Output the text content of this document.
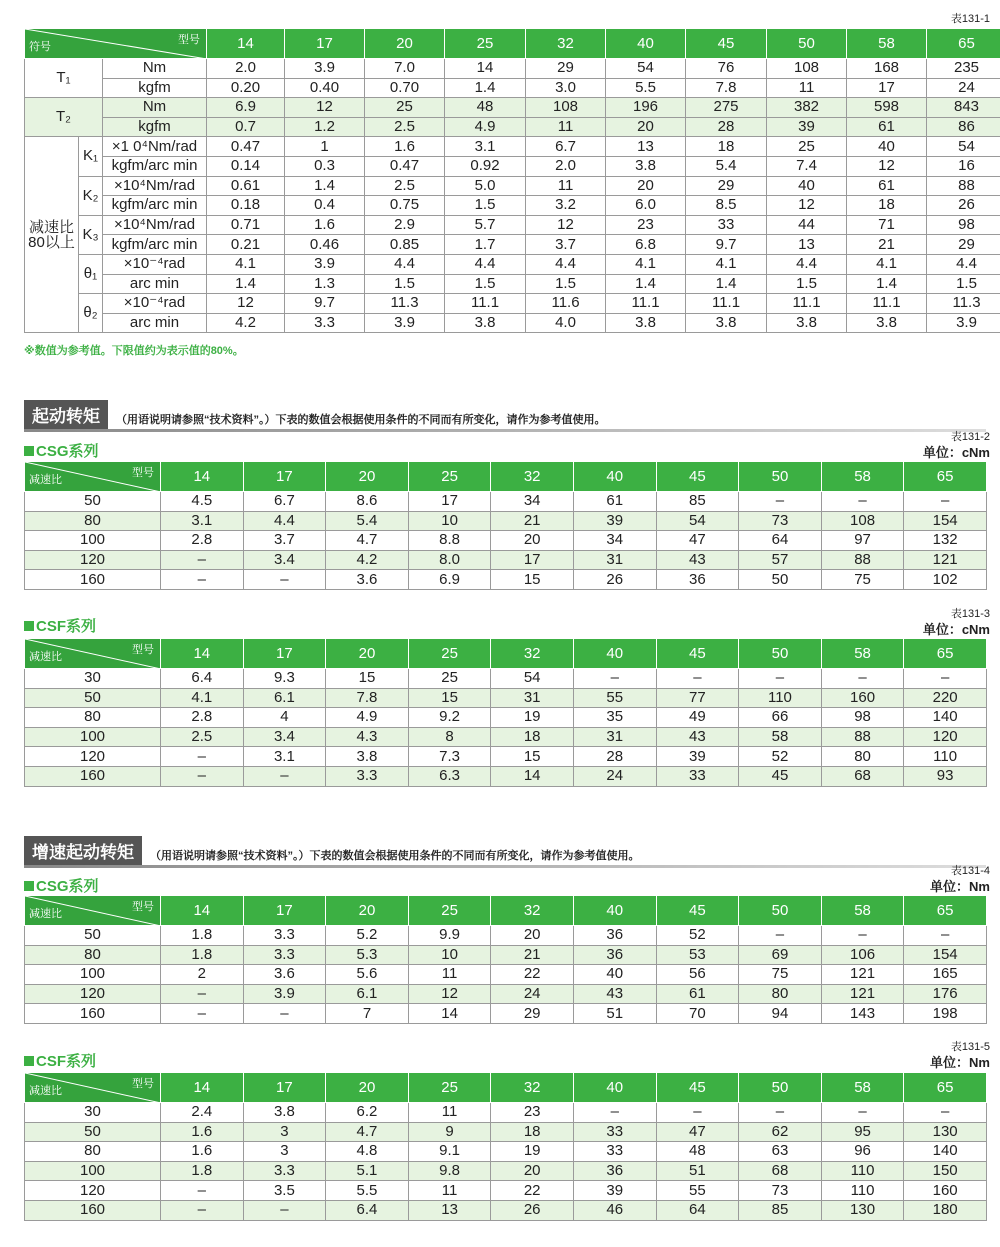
表131-1
型号
符号			14	17	20	25	32	40	45	50	58	65
T₁		Nm	2.0	3.9	7.0	14	29	54	76	108	168	235
		kgfm	0.20	0.40	0.70	1.4	3.0	5.5	7.8	11	17	24
T₂		Nm	6.9	12	25	48	108	196	275	382	598	843
		kgfm	0.7	1.2	2.5	4.9	11	20	28	39	61	86
减速比
80以上	K₁	×1 0⁴Nm/rad	0.47	1	1.6	3.1	6.7	13	18	25	40	54
		kgfm/arc min	0.14	0.3	0.47	0.92	2.0	3.8	5.4	7.4	12	16
	K₂	×10⁴Nm/rad	0.61	1.4	2.5	5.0	11	20	29	40	61	88
		kgfm/arc min	0.18	0.4	0.75	1.5	3.2	6.0	8.5	12	18	26
	K₃	×10⁴Nm/rad	0.71	1.6	2.9	5.7	12	23	33	44	71	98
		kgfm/arc min	0.21	0.46	0.85	1.7	3.7	6.8	9.7	13	21	29
	θ₁	×10⁻⁴rad	4.1	3.9	4.4	4.4	4.4	4.1	4.1	4.4	4.1	4.4
		arc min	1.4	1.3	1.5	1.5	1.5	1.4	1.4	1.5	1.4	1.5
	θ₂	×10⁻⁴rad	12	9.7	11.3	11.1	11.6	11.1	11.1	11.1	11.1	11.3
		arc min	4.2	3.3	3.9	3.8	4.0	3.8	3.8	3.8	3.8	3.9
※数值为参考值。下限值约为表示值的80%。
起动转矩	（用语说明请参照“技术资料”。）下表的数值会根据使用条件的不同而有所变化，请作为参考值使用。
CSG系列
表131-2
单位：cNm
型号
减速比	14	17	20	25	32	40	45	50	58	65
50	4.5	6.7	8.6	17	34	61	85	–	–	–
80	3.1	4.4	5.4	10	21	39	54	73	108	154
100	2.8	3.7	4.7	8.8	20	34	47	64	97	132
120	–	3.4	4.2	8.0	17	31	43	57	88	121
160	–	–	3.6	6.9	15	26	36	50	75	102
CSF系列
表131-3
单位：cNm
型号
减速比	14	17	20	25	32	40	45	50	58	65
30	6.4	9.3	15	25	54	–	–	–	–	–
50	4.1	6.1	7.8	15	31	55	77	110	160	220
80	2.8	4	4.9	9.2	19	35	49	66	98	140
100	2.5	3.4	4.3	8	18	31	43	58	88	120
120	–	3.1	3.8	7.3	15	28	39	52	80	110
160	–	–	3.3	6.3	14	24	33	45	68	93
增速起动转矩	（用语说明请参照“技术资料”。）下表的数值会根据使用条件的不同而有所变化，请作为参考值使用。
CSG系列
表131-4
单位：Nm
型号
减速比	14	17	20	25	32	40	45	50	58	65
50	1.8	3.3	5.2	9.9	20	36	52	–	–	–
80	1.8	3.3	5.3	10	21	36	53	69	106	154
100	2	3.6	5.6	11	22	40	56	75	121	165
120	–	3.9	6.1	12	24	43	61	80	121	176
160	–	–	7	14	29	51	70	94	143	198
CSF系列
表131-5
单位：Nm
型号
减速比	14	17	20	25	32	40	45	50	58	65
30	2.4	3.8	6.2	11	23	–	–	–	–	–
50	1.6	3	4.7	9	18	33	47	62	95	130
80	1.6	3	4.8	9.1	19	33	48	63	96	140
100	1.8	3.3	5.1	9.8	20	36	51	68	110	150
120	–	3.5	5.5	11	22	39	55	73	110	160
160	–	–	6.4	13	26	46	64	85	130	180
